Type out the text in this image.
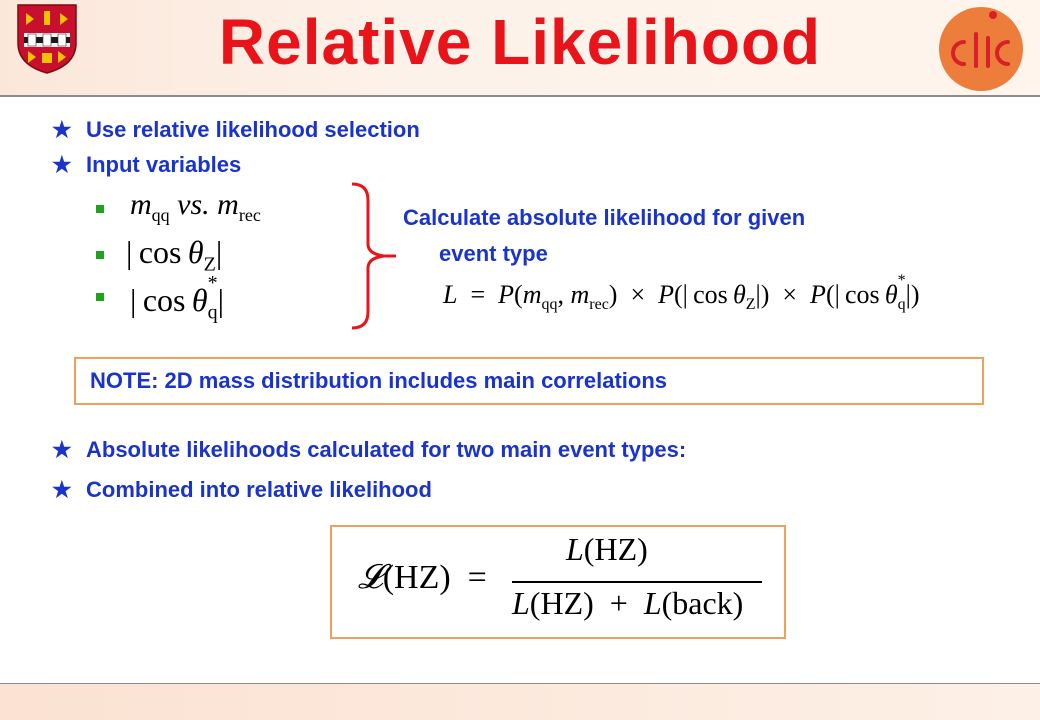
Relative Likelihood
★ Use relative likelihood selection
★ Input variables
$m_{qq}$ vs. $m_{rec}$
| $\cos \theta_Z|$
| cos θ *
$_q$|
Calculate absolute likelihood for given
event type
$L = P(m_{qq}$, $m_{rec}) \times P(|$ $\cos \theta_Z|) \times P(|$ cos θ *
$_q$|)
NOTE: 2D mass distribution includes main correlations
★ Absolute likelihoods calculated for two main event types:
★ Combined into relative likelihood
𝓛(HZ)  =
L(HZ)
L(HZ)  +  L(back)
